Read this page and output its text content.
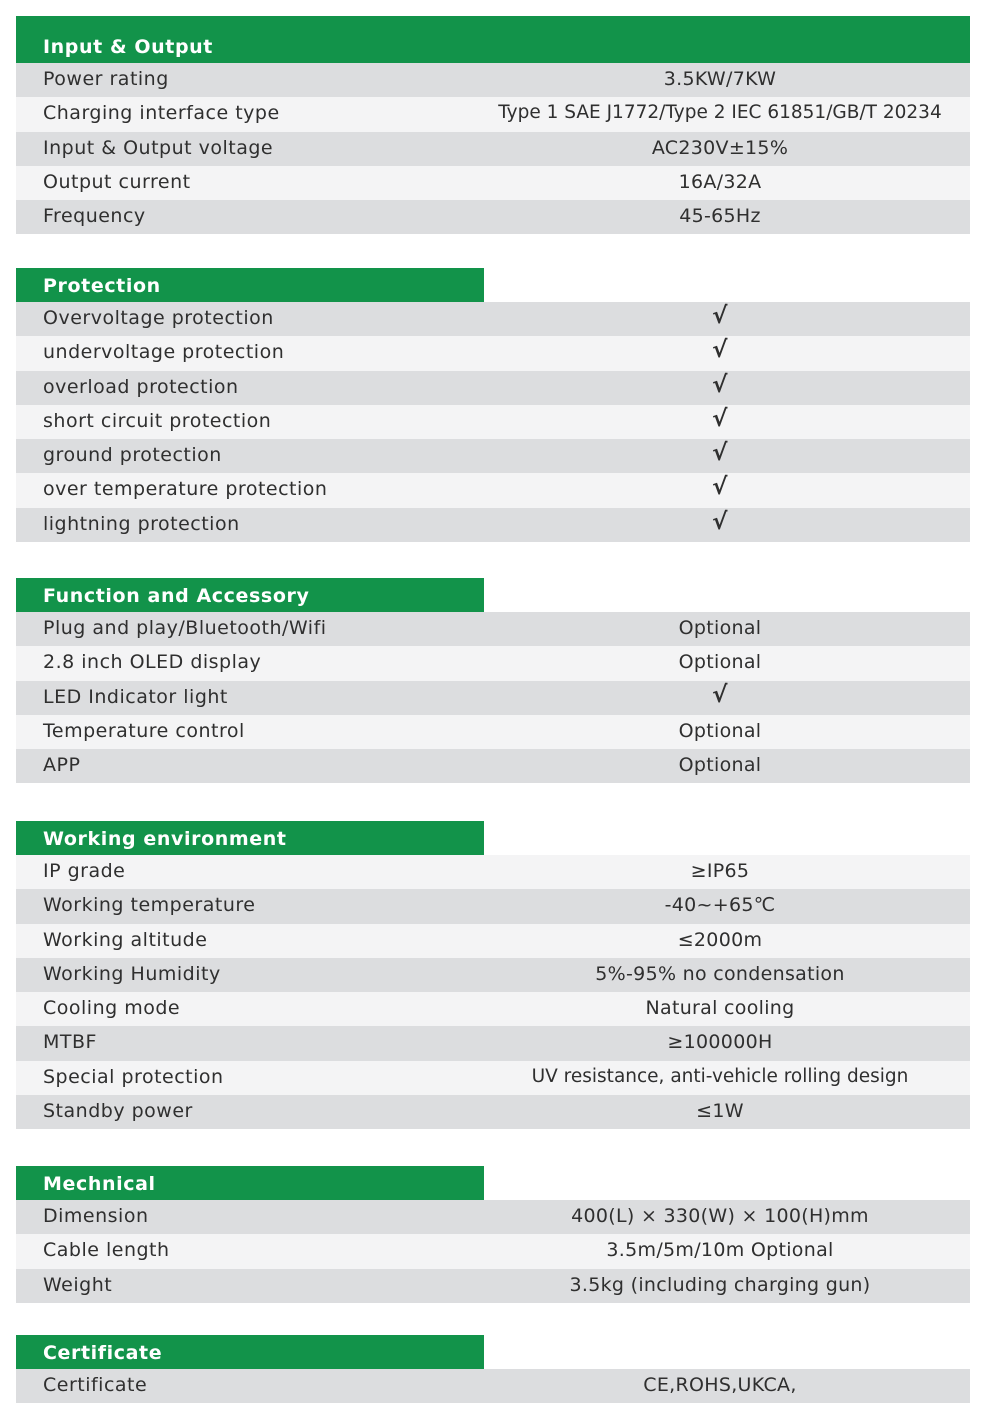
Input & Output
Power rating	3.5KW/7KW
Charging interface type	Type 1 SAE J1772/Type 2 IEC 61851/GB/T 20234
Input & Output voltage	AC230V±15%
Output current	16A/32A
Frequency	45-65Hz
Protection
Overvoltage protection	√
undervoltage protection	√
overload protection	√
short circuit protection	√
ground protection	√
over temperature protection	√
lightning protection	√
Function and Accessory
Plug and play/Bluetooth/Wifi	Optional
2.8 inch OLED display	Optional
LED Indicator light	√
Temperature control	Optional
APP	Optional
Working environment
IP grade	≥IP65
Working temperature	-40~+65℃
Working altitude	≤2000m
Working Humidity	5%-95% no condensation
Cooling mode	Natural cooling
MTBF	≥100000H
Special protection	UV resistance, anti-vehicle rolling design
Standby power	≤1W
Mechnical
Dimension	400(L) × 330(W) × 100(H)mm
Cable length	3.5m/5m/10m Optional
Weight	3.5kg (including charging gun)
Certificate
Certificate	CE,ROHS,UKCA,
